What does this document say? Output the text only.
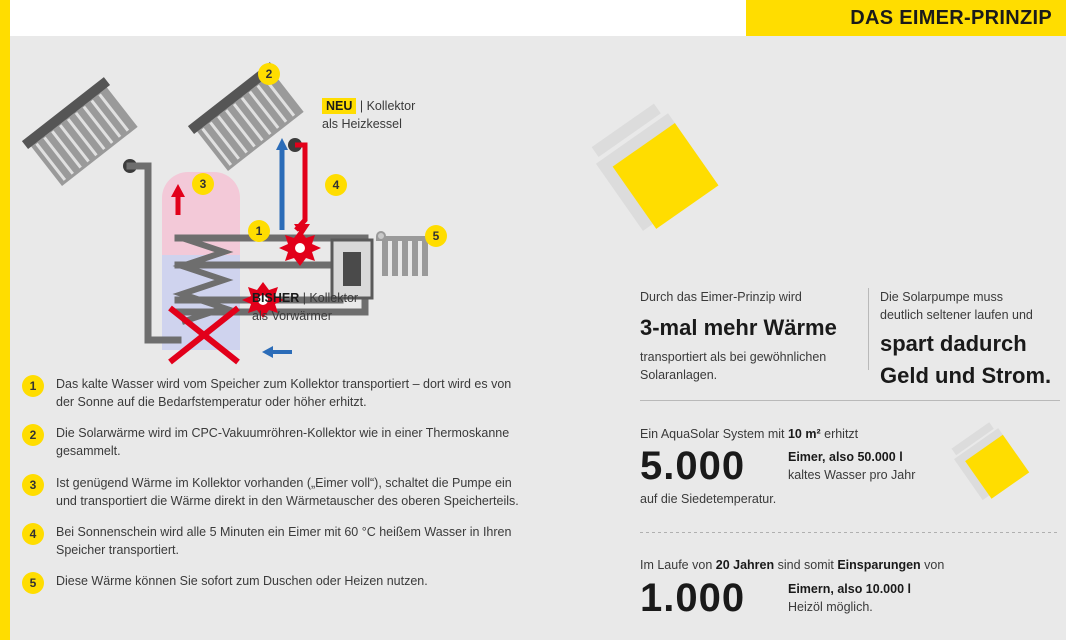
DAS EIMER-PRINZIP
2
3
1
4
5
NEU | Kollektor
als Heizkessel
BISHER | Kollektor
als Vorwärmer
1	Das kalte Wasser wird vom Speicher zum Kollektor transportiert – dort wird es von der Sonne auf die Bedarfstemperatur oder höher erhitzt.
2	Die Solarwärme wird im CPC-Vakuumröhren-Kollektor wie in einer Thermoskanne gesammelt.
3	Ist genügend Wärme im Kollektor vorhanden („Eimer voll“), schaltet die Pumpe ein und transportiert die Wärme direkt in den Wärmetauscher des oberen Speicherteils.
4	Bei Sonnenschein wird alle 5 Minuten ein Eimer mit 60 °C heißem Wasser in Ihren Speicher transportiert.
5	Diese Wärme können Sie sofort zum Duschen oder Heizen nutzen.
Durch das Eimer-Prinzip wird
3-mal mehr Wärme
transportiert als bei gewöhnlichen
Solaranlagen.
Die Solarpumpe muss
deutlich seltener laufen und
spart dadurch
Geld und Strom.
Ein AquaSolar System mit 10 m² erhitzt
5.000	Eimer, also 50.000 l
kaltes Wasser pro Jahr
auf die Siedetemperatur.
Im Laufe von 20 Jahren sind somit Einsparungen von
1.000	Eimern, also 10.000 l
Heizöl möglich.
